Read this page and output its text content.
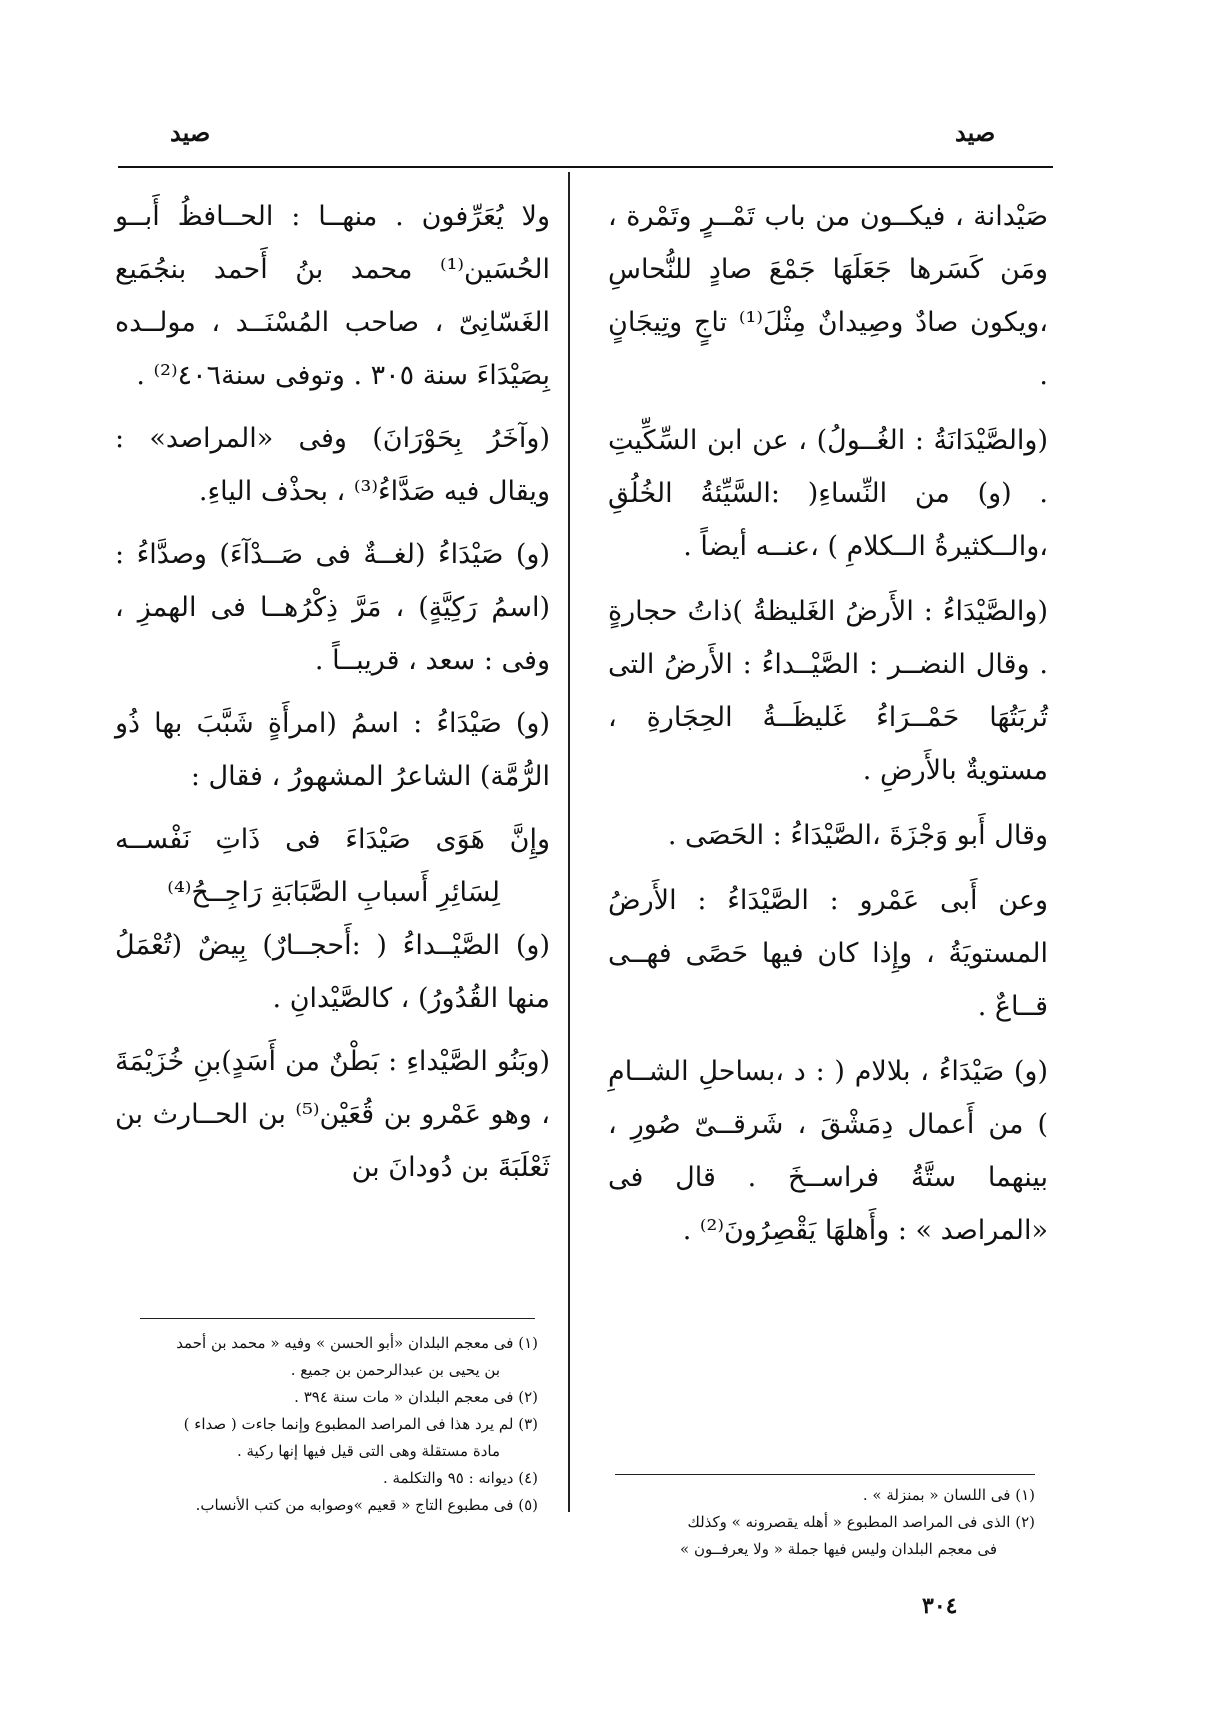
صيد
صيد

صَيْدانة ، فيكــون من باب تَمْــرٍ وتَمْرة ، ومَن كَسَرها جَعَلَهَا جَمْعَ صادٍ للنُّحاسِ ،ويكون صادٌ وصِيدانٌ مِثْلَ⁽¹⁾ تاجٍ وتِيجَانٍ .

(والصَّيْدَانَةُ : الغُــولُ) ، عن ابن السِّكِّيتِ . (و) من النِّساءِ( :السَّيِّئةُ الخُلُقِ ،والــكثيرةُ الــكلامِ ) ،عنــه أيضاً .

(والصَّيْدَاءُ : الأَرضُ الغَليظةُ )ذاتُ حجارةٍ . وقال النضــر : الصَّيْــداءُ : الأَرضُ التى تُربَتُهَا حَمْــرَاءُ غَليظَــةُ الحِجَارةِ ، مستويةٌ بالأَرضِ .

وقال أَبو وَجْزَةَ ،الصَّيْدَاءُ : الحَصَى .

وعن أَبى عَمْرو : الصَّيْدَاءُ : الأَرضُ المستويَةُ ، وإِذا كان فيها حَصًى فهــى قــاعٌ .

(و) صَيْدَاءُ ، بلالام ( : د ،بساحلِ الشــامِ ) من أَعمال دِمَشْقَ ، شَرقــىّ صُورِ ، بينهما ستَّةُ فراســخَ . قال فى «المراصد » : وأَهلهَا يَقْصِرُونَ⁽²⁾ .

ولا يُعَرِّفون . منهــا : الحــافظُ أَبــو الحُسَين⁽¹⁾ محمد بنُ أَحمد بنجُمَيع الغَسّانِىّ ، صاحب المُسْنَــد ، مولــده بِصَيْدَاءَ سنة ٣٠٥ . وتوفى سنة٤٠٦⁽²⁾ .

(وآخَرُ بِحَوْرَانَ) وفى «المراصد» : ويقال فيه صَدَّاءُ⁽³⁾ ، بحذْف الياءِ.

(و) صَيْدَاءُ (لغــةٌ فى صَــدْآءَ) وصدَّاءُ : (اسمُ رَكِيَّةٍ) ، مَرَّ ذِكْرُهــا فى الهمزِ ، وفى : سعد ، قريبــاً .

(و) صَيْدَاءُ : اسمُ (امرأَةٍ شَبَّبَ بها ذُو الرُّمَّة) الشاعرُ المشهورُ ، فقال :

وإِنَّ هَوَى صَيْدَاءَ فى ذَاتِ نَفْســه

لِسَائِرِ أَسبابِ الصَّبَابَةِ رَاجِــحُ⁽⁴⁾

(و) الصَّيْــداءُ ( :أَحجــارٌ) بِيضٌ (تُعْمَلُ منها القُدُورُ) ، كالصَّيْدانِ .

(وبَنُو الصَّيْداءِ : بَطْنٌ من أَسَدٍ)بنِ خُزَيْمَةَ ، وهو عَمْرو بن قُعَيْن⁽⁵⁾ بن الحــارث بن ثَعْلَبَةَ بن دُودانَ بن

(١) فى معجم البلدان «أبو الحسن » وفيه « محمد بن أحمد

بن يحيى بن عبدالرحمن بن جميع .

(٢) فى معجم البلدان « مات سنة ٣٩٤ .

(٣) لم يرد هذا فى المراصد المطبوع وإنما جاءت ( صداء )

مادة مستقلة وهى التى قيل فيها إنها ركية .

(٤) ديوانه : ٩٥ والتكلمة .

(٥) فى مطبوع التاج « قعيم »وصوابه من كتب الأنساب.

(١) فى اللسان « بمنزلة » .

(٢) الذى فى المراصد المطبوع « أهله يقصرونه » وكذلك

فى معجم البلدان وليس فيها جملة « ولا يعرفــون »

٣٠٤
